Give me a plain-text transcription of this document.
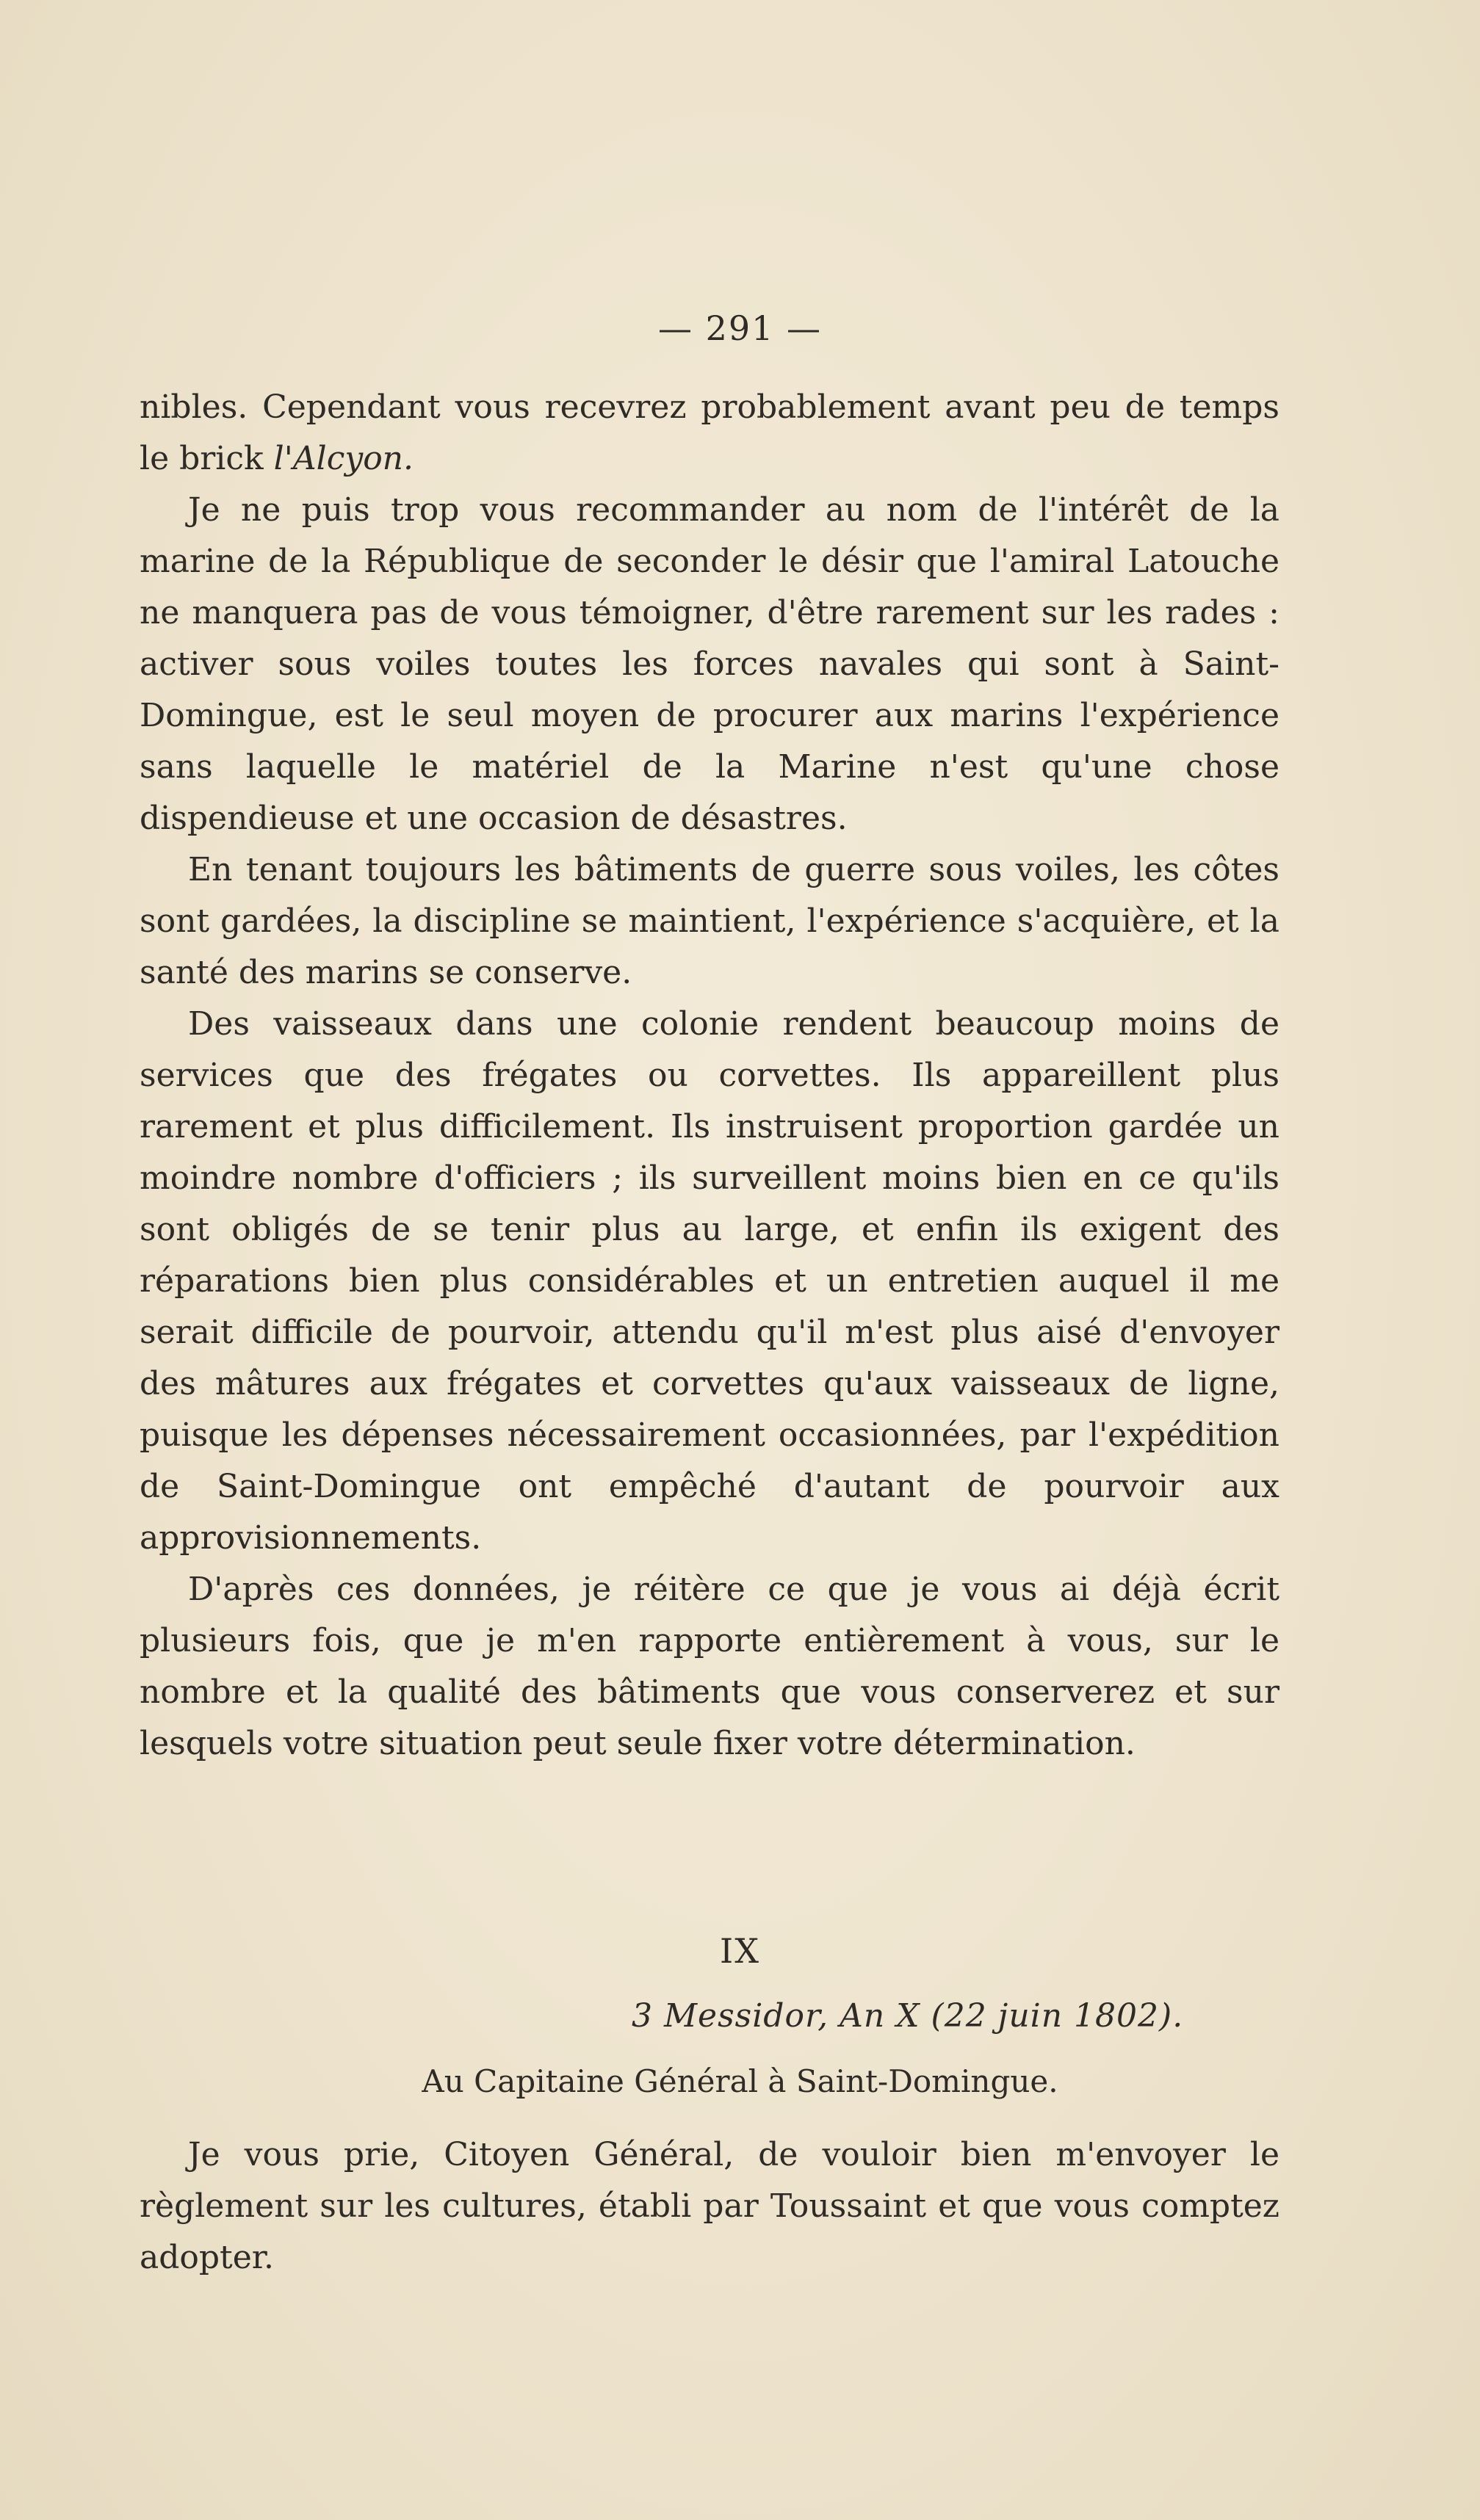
— 291 —

nibles. Cependant vous recevrez probablement avant peu de temps le brick l'Alcyon.

Je ne puis trop vous recommander au nom de l'intérêt de la marine de la République de seconder le désir que l'amiral Latouche ne manquera pas de vous témoigner, d'être rarement sur les rades : activer sous voiles toutes les forces navales qui sont à Saint-Domingue, est le seul moyen de procurer aux marins l'expérience sans laquelle le matériel de la Marine n'est qu'une chose dispendieuse et une occasion de désastres.

En tenant toujours les bâtiments de guerre sous voiles, les côtes sont gardées, la discipline se maintient, l'expérience s'acquière, et la santé des marins se conserve.

Des vaisseaux dans une colonie rendent beaucoup moins de services que des frégates ou corvettes. Ils appareillent plus rarement et plus difficilement. Ils instruisent proportion gardée un moindre nombre d'officiers ; ils surveillent moins bien en ce qu'ils sont obligés de se tenir plus au large, et enfin ils exigent des réparations bien plus considérables et un entretien auquel il me serait difficile de pourvoir, attendu qu'il m'est plus aisé d'envoyer des mâtures aux frégates et corvettes qu'aux vaisseaux de ligne, puisque les dépenses nécessairement occasionnées, par l'expédition de Saint-Domingue ont empêché d'autant de pourvoir aux approvisionnements.

D'après ces données, je réitère ce que je vous ai déjà écrit plusieurs fois, que je m'en rapporte entièrement à vous, sur le nombre et la qualité des bâtiments que vous conserverez et sur lesquels votre situation peut seule fixer votre détermination.

IX
3 Messidor, An X (22 juin 1802).
Au Capitaine Général à Saint-Domingue.

Je vous prie, Citoyen Général, de vouloir bien m'envoyer le règlement sur les cultures, établi par Toussaint et que vous comptez adopter.
